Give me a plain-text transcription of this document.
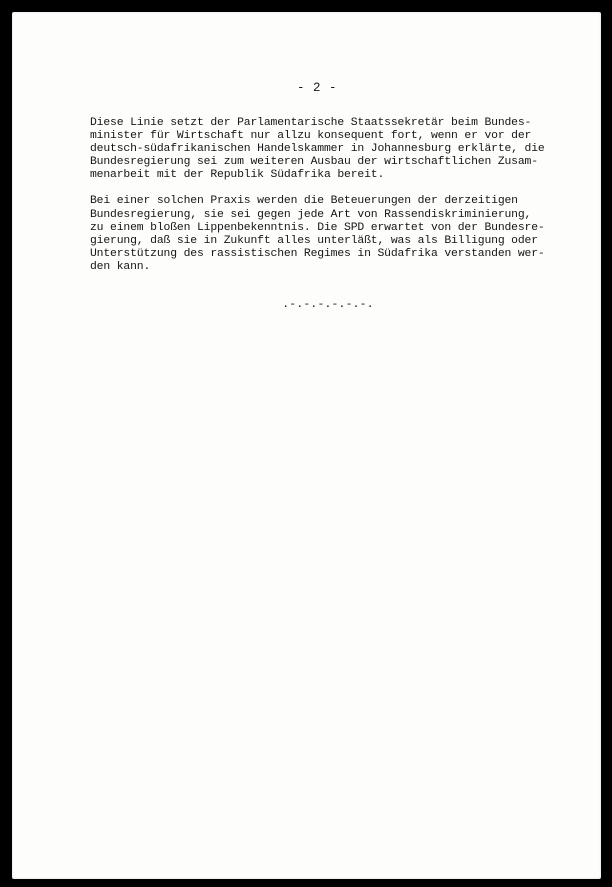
- 2 -
Diese Linie setzt der Parlamentarische Staatssekretär beim Bundes-
minister für Wirtschaft nur allzu konsequent fort, wenn er vor der
deutsch-südafrikanischen Handelskammer in Johannesburg erklärte, die
Bundesregierung sei zum weiteren Ausbau der wirtschaftlichen Zusam-
menarbeit mit der Republik Südafrika bereit.
Bei einer solchen Praxis werden die Beteuerungen der derzeitigen
Bundesregierung, sie sei gegen jede Art von Rassendiskriminierung,
zu einem bloßen Lippenbekenntnis. Die SPD erwartet von der Bundesre-
gierung, daß sie in Zukunft alles unterläßt, was als Billigung oder
Unterstützung des rassistischen Regimes in Südafrika verstanden wer-
den kann.
.-.-.-.-.-.-.
